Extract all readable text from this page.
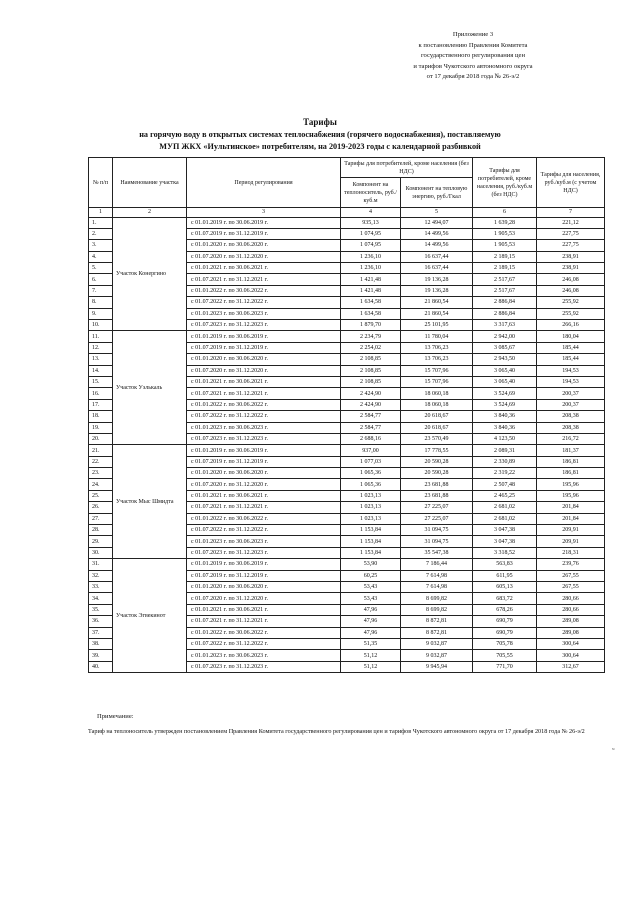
Приложение 3
к постановлению Правления Комитета
государственного регулирования цен
и тарифов Чукотского автономного округа
от 17 декабря 2018 года № 26-э/2
Тарифы
на горячую воду в открытых системах теплоснабжения (горячего водоснабжения), поставляемую
МУП ЖКХ «Иультинское» потребителям, на 2019-2023 годы с календарной разбивкой
№ п/п	Наименование участка	Период регулирования	Тарифы для потребителей, кроме населения (без НДС)		Тарифы для потребителей, кроме населения, руб./куб.м (без НДС)	Тарифы для населения, руб./куб.м (с учетом НДС)
			Компонент на теплоноситель, руб./куб.м	Компонент на тепловую энергию, руб./Гкал		
1	2	3	4	5	6	7
1.	Участок Конергино	с 01.01.2019 г. по 30.06.2019 г.	935,13	12 494,07	1 639,28	221,12
2.		с 01.07.2019 г. по 31.12.2019 г.	1 074,95	14 499,56	1 905,53	227,75
3.		с 01.01.2020 г. по 30.06.2020 г.	1 074,95	14 499,56	1 905,53	227,75
4.		с 01.07.2020 г. по 31.12.2020 г.	1 236,10	16 637,44	2 189,15	238,91
5.		с 01.01.2021 г. по 30.06.2021 г.	1 236,10	16 637,44	2 189,15	238,91
6.		с 01.07.2021 г. по 31.12.2021 г.	1 421,48	19 136,28	2 517,67	246,08
7.		с 01.01.2022 г. по 30.06.2022 г.	1 421,48	19 136,28	2 517,67	246,08
8.		с 01.07.2022 г. по 31.12.2022 г.	1 634,58	21 860,54	2 886,84	255,92
9.		с 01.01.2023 г. по 30.06.2023 г.	1 634,58	21 860,54	2 886,84	255,92
10.		с 01.07.2023 г. по 31.12.2023 г.	1 879,70	25 101,95	3 317,63	266,16
11.	Участок Уэлькаль	с 01.01.2019 г. по 30.06.2019 г.	2 234,79	11 780,04	2 942,00	180,04
12.		с 01.07.2019 г. по 31.12.2019 г.	2 254,02	13 706,23	3 085,67	185,44
13.		с 01.01.2020 г. по 30.06.2020 г.	2 108,85	13 706,23	2 943,50	185,44
14.		с 01.07.2020 г. по 31.12.2020 г.	2 108,85	15 707,96	3 065,40	194,53
15.		с 01.01.2021 г. по 30.06.2021 г.	2 108,85	15 707,96	3 065,40	194,53
16.		с 01.07.2021 г. по 31.12.2021 г.	2 424,90	18 060,18	3 524,69	200,37
17.		с 01.01.2022 г. по 30.06.2022 г.	2 424,90	18 060,18	3 524,69	200,37
18.		с 01.07.2022 г. по 31.12.2022 г.	2 584,77	20 618,67	3 840,36	208,38
19.		с 01.01.2023 г. по 30.06.2023 г.	2 584,77	20 618,67	3 840,36	208,38
20.		с 01.07.2023 г. по 31.12.2023 г.	2 688,16	23 570,49	4 123,50	216,72
21.	Участок Мыс Шмидта	с 01.01.2019 г. по 30.06.2019 г.	937,00	17 778,55	2 089,31	181,37
22.		с 01.07.2019 г. по 31.12.2019 г.	1 077,03	20 590,28	2 330,89	186,81
23.		с 01.01.2020 г. по 30.06.2020 г.	1 065,36	20 590,28	2 319,22	186,81
24.		с 01.07.2020 г. по 31.12.2020 г.	1 065,36	23 681,88	2 507,48	195,96
25.		с 01.01.2021 г. по 30.06.2021 г.	1 023,13	23 681,88	2 465,25	195,96
26.		с 01.07.2021 г. по 31.12.2021 г.	1 023,13	27 225,07	2 681,02	201,84
27.		с 01.01.2022 г. по 30.06.2022 г.	1 023,13	27 225,07	2 681,02	201,84
28.		с 01.07.2022 г. по 31.12.2022 г.	1 153,84	31 094,75	3 047,38	209,91
29.		с 01.01.2023 г. по 30.06.2023 г.	1 153,84	31 094,75	3 047,38	209,91
30.		с 01.07.2023 г. по 31.12.2023 г.	1 153,84	35 547,38	3 318,52	218,31
31.	Участок Эгвекинот	с 01.01.2019 г. по 30.06.2019 г.	53,90	7 186,44	563,83	239,76
32.		с 01.07.2019 г. по 31.12.2019 г.	60,25	7 614,98	611,95	267,55
33.		с 01.01.2020 г. по 30.06.2020 г.	53,43	7 614,98	605,13	267,55
34.		с 01.07.2020 г. по 31.12.2020 г.	53,43	8 699,82	683,72	280,66
35.		с 01.01.2021 г. по 30.06.2021 г.	47,96	8 699,82	678,26	280,66
36.		с 01.07.2021 г. по 31.12.2021 г.	47,96	8 872,81	690,79	289,08
37.		с 01.01.2022 г. по 30.06.2022 г.	47,96	8 872,81	690,79	289,08
38.		с 01.07.2022 г. по 31.12.2022 г.	51,35	9 032,87	705,78	300,64
39.		с 01.01.2023 г. по 30.06.2023 г.	51,12	9 032,87	705,55	300,64
40.		с 01.07.2023 г. по 31.12.2023 г.	51,12	9 945,94	771,70	312,67
Примечание:
Тариф на теплоноситель утвержден постановлением Правления Комитета государственного регулирования цен и тарифов Чукотского автономного округа от 17 декабря 2018 года № 26-э/2
м
